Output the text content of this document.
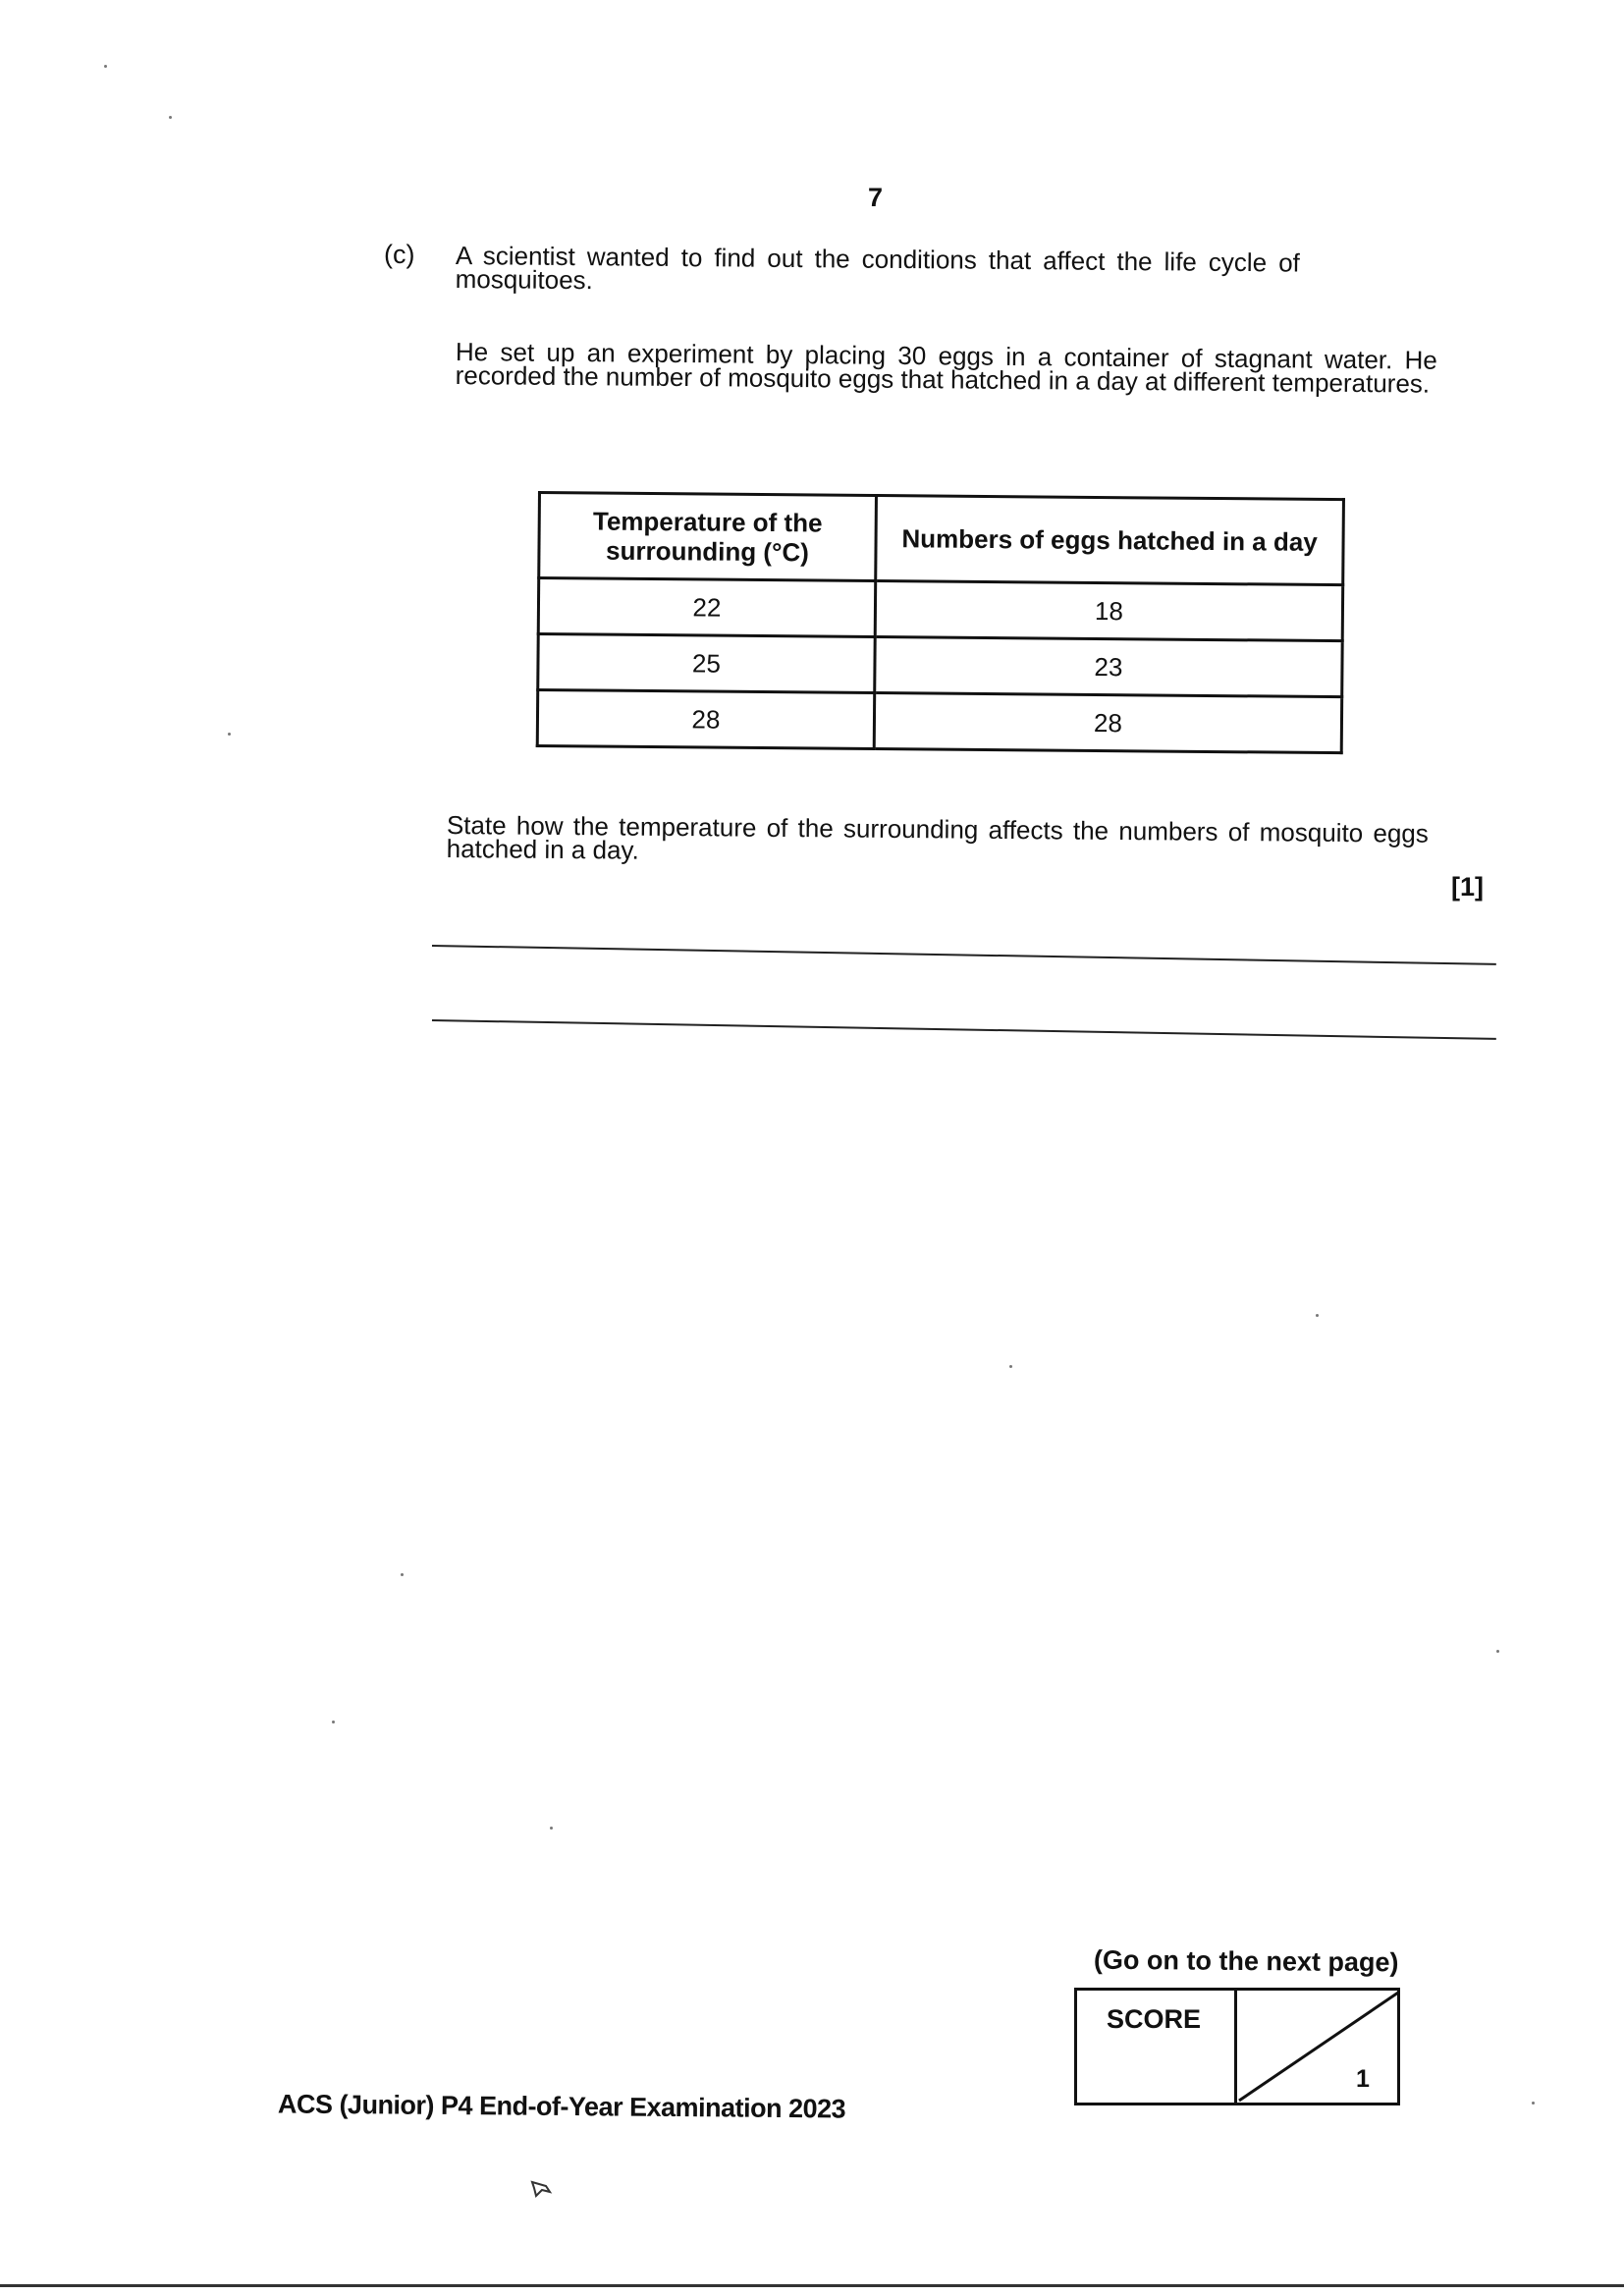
7
(c) A scientist wanted to find out the conditions that affect the life cycle of mosquitoes.
He set up an experiment by placing 30 eggs in a container of stagnant water. He recorded the number of mosquito eggs that hatched in a day at different temperatures.
Temperature of the surrounding (°C)	Numbers of eggs hatched in a day
22	18
25	23
28	28
State how the temperature of the surrounding affects the numbers of mosquito eggs hatched in a day.
[1]
(Go on to the next page)
SCORE
1
ACS (Junior) P4 End-of-Year Examination 2023
